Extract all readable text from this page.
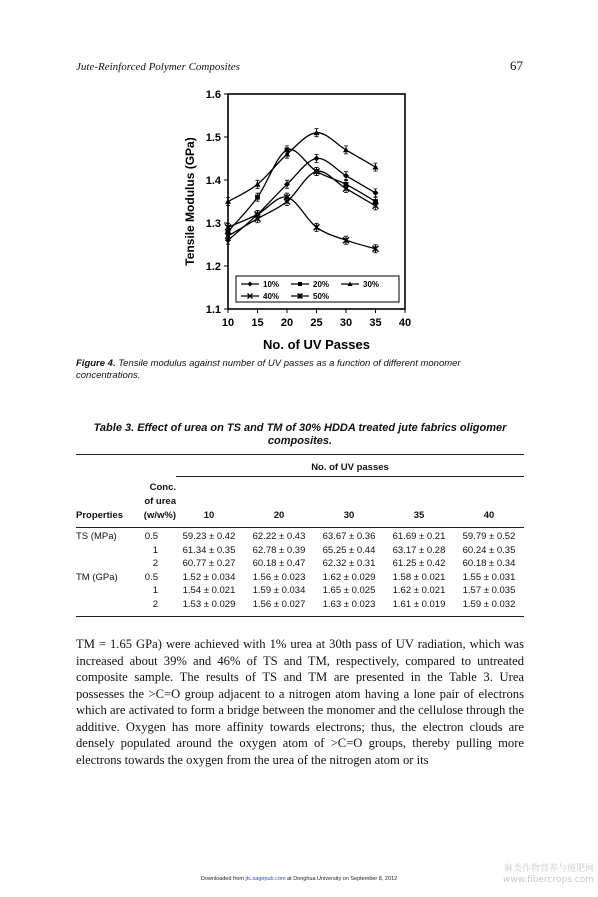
Jute-Reinforced Polymer Composites	67
1.1
1.2
1.3
1.4
1.5
1.6
10 15 20 25 30 35 40
No. of UV Passes
Tensile Modulus (GPa)
10%	20%	30%
40%	50%
Figure 4. Tensile modulus against number of UV passes as a function of different monomer concentrations.
Table 3. Effect of urea on TS and TM of 30% HDDA treated jute fabrics oligomer composites.
No. of UV passes
Properties
Conc.
of urea
(w/w%)	10	20	30	35	40
TS (MPa)	0.5	59.23 ± 0.42	62.22 ± 0.43	63.67 ± 0.36	61.69 ± 0.21	59.79 ± 0.52
1	61.34 ± 0.35	62.78 ± 0.39	65.25 ± 0.44	63.17 ± 0.28	60.24 ± 0.35
2	60.77 ± 0.27	60.18 ± 0.47	62.32 ± 0.31	61.25 ± 0.42	60.18 ± 0.34
TM (GPa)	0.5	1.52 ± 0.034	1.56 ± 0.023	1.62 ± 0.029	1.58 ± 0.021	1.55 ± 0.031
1	1.54 ± 0.021	1.59 ± 0.034	1.65 ± 0.025	1.62 ± 0.021	1.57 ± 0.035
2	1.53 ± 0.029	1.56 ± 0.027	1.63 ± 0.023	1.61 ± 0.019	1.59 ± 0.032

TM = 1.65 GPa) were achieved with 1% urea at 30th pass of UV radiation, which was increased about 39% and 46% of TS and TM, respectively, compared to untreated composite sample. The results of TS and TM are presented in the Table 3. Urea possesses the >C=O group adjacent to a nitrogen atom having a lone pair of electrons which are activated to form a bridge between the monomer and the cellulose through the additive. Oxygen has more affinity towards electrons; thus, the electron clouds are densely populated around the oxygen atom of >C=O groups, thereby pulling more electrons towards the oxygen from the urea of the nitrogen atom or its

Downloaded from jtc.sagepub.com at Donghua University on September 8, 2012
麻类作物营养与施肥网
www.fibercrops.com
